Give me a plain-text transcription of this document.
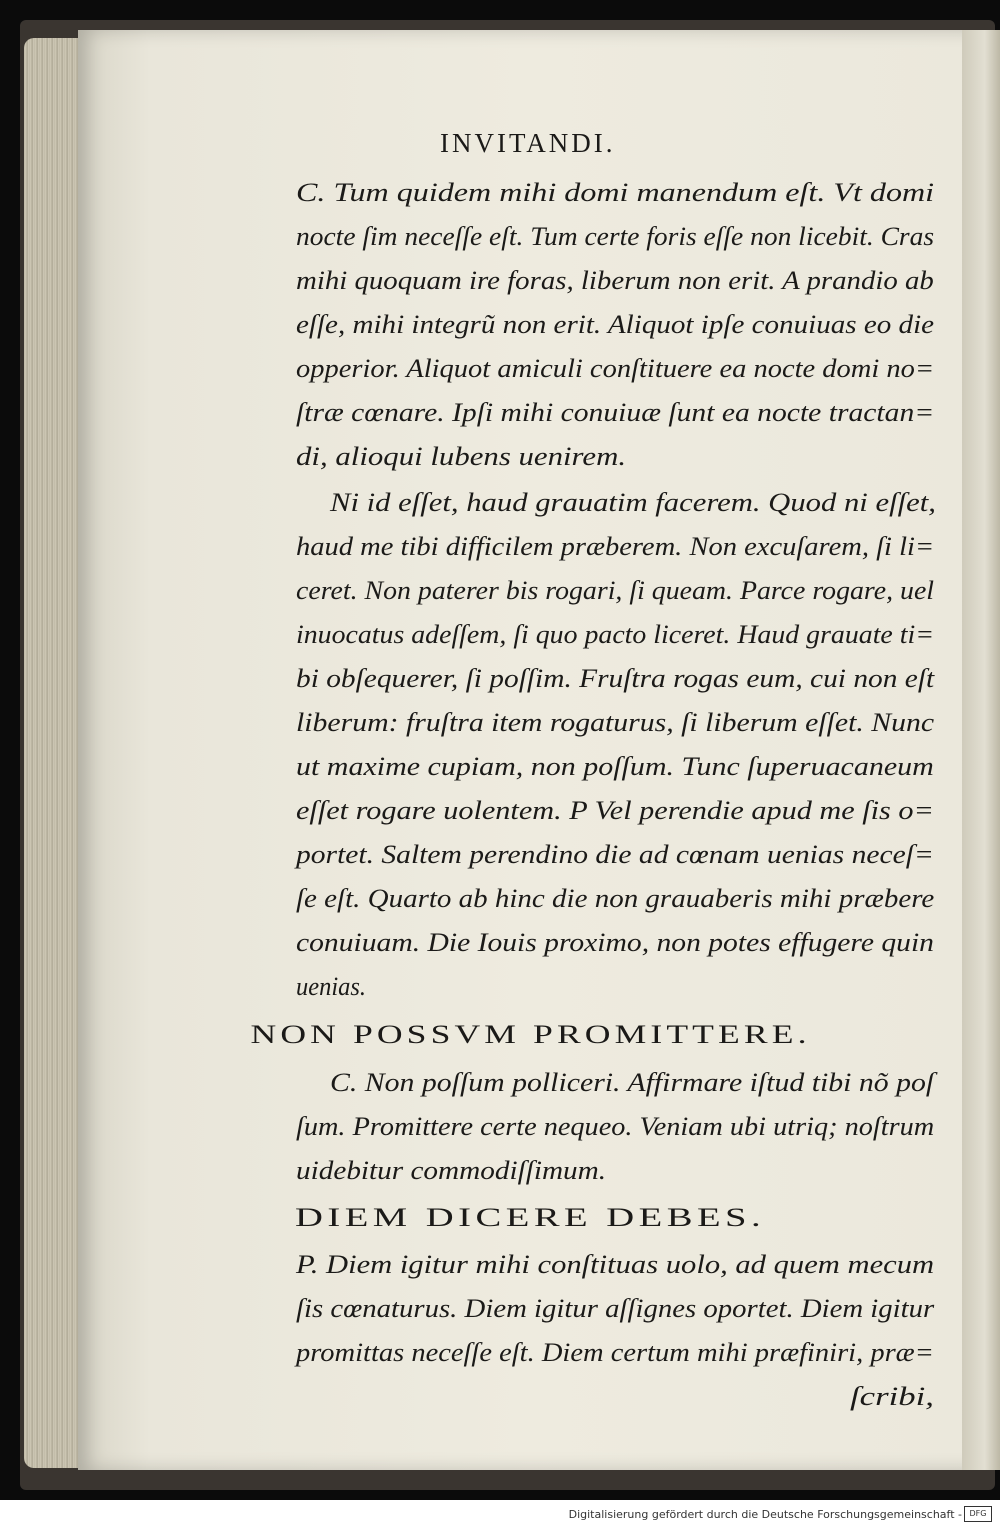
INVITANDI.
C. Tum quidem mihi domi manendum eſt. Vt domi
nocte ſim neceſſe eſt. Tum certe foris eſſe non licebit. Cras
mihi quoquam ire foras, liberum non erit. A prandio ab
eſſe, mihi integrũ non erit. Aliquot ipſe conuiuas eo die
opperior. Aliquot amiculi conſtituere ea nocte domi no=
ſtræ cœnare. Ipſi mihi conuiuæ ſunt ea nocte tractan=
di, alioqui lubens uenirem.
Ni id eſſet, haud grauatim facerem. Quod ni eſſet,
haud me tibi difficilem præberem. Non excuſarem, ſi li=
ceret. Non paterer bis rogari, ſi queam. Parce rogare, uel
inuocatus adeſſem, ſi quo pacto liceret. Haud grauate ti=
bi obſequerer, ſi poſſim. Fruſtra rogas eum, cui non eſt
liberum: fruſtra item rogaturus, ſi liberum eſſet. Nunc
ut maxime cupiam, non poſſum. Tunc ſuperuacaneum
eſſet rogare uolentem. P Vel perendie apud me ſis o=
portet. Saltem perendino die ad cœnam uenias neceſ=
ſe eſt. Quarto ab hinc die non grauaberis mihi præbere
conuiuam. Die Iouis proximo, non potes effugere quin
uenias.
NON POSSVM PROMITTERE.
C. Non poſſum polliceri. Affirmare iſtud tibi nõ poſ
ſum. Promittere certe nequeo. Veniam ubi utriq; noſtrum
uidebitur commodiſſimum.
DIEM DICERE DEBES.
P. Diem igitur mihi conſtituas uolo, ad quem mecum
ſis cœnaturus. Diem igitur aſſignes oportet. Diem igitur
promittas neceſſe eſt. Diem certum mihi præfiniri, præ=
ſcribi,
Digitalisierung gefördert durch die Deutsche Forschungsgemeinschaft - DFG
